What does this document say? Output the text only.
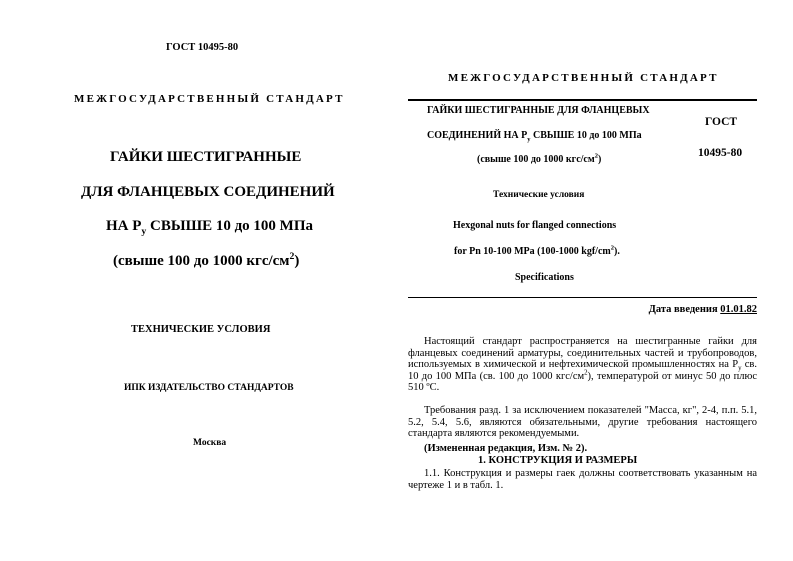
ГОСТ 10495-80
МЕЖГОСУДАРСТВЕННЫЙ СТАНДАРТ
ГАЙКИ ШЕСТИГРАННЫЕ
ДЛЯ ФЛАНЦЕВЫХ СОЕДИНЕНИЙ
НА $Р_у$ СВЫШЕ 10 до 100 МПа
(свыше 100 до 1000 кгс/$см^2$)
ТЕХНИЧЕСКИЕ УСЛОВИЯ
ИПК ИЗДАТЕЛЬСТВО СТАНДАРТОВ
Москва
МЕЖГОСУДАРСТВЕННЫЙ СТАНДАРТ
ГАЙКИ ШЕСТИГРАННЫЕ ДЛЯ ФЛАНЦЕВЫХ
СОЕДИНЕНИЙ НА $Р_у$ СВЫШЕ 10 до 100 МПа
(свыше 100 до 1000 кгс/$см^2$)
ГОСТ
10495-80
Технические условия
Hexgonal nuts for flanged connections
for Pn 10-100 MPa (100-1000 kgf/$cm^2$).
Specifications
Дата введения 01.01.82
Настоящий стандарт распространяется на шестигранные гайки для фланцевых соединений арматуры, соединительных частей и трубопроводов, используемых в химической и нефтехимической промышленностях на $Р_у$ св. 10 до 100 МПа (св. 100 до 1000 кгс/$см^2$), температурой от минус 50 до плюс 510 ºС.
Требования разд. 1 за исключением показателей "Масса, кг", 2-4, п.п. 5.1, 5.2, 5.4, 5.6, являются обязательными, другие требования настоящего стандарта являются рекомендуемыми.
(Измененная редакция, Изм. № 2).
1. КОНСТРУКЦИЯ И РАЗМЕРЫ
1.1. Конструкция и размеры гаек должны соответствовать указанным на чертеже 1 и в табл. 1.
